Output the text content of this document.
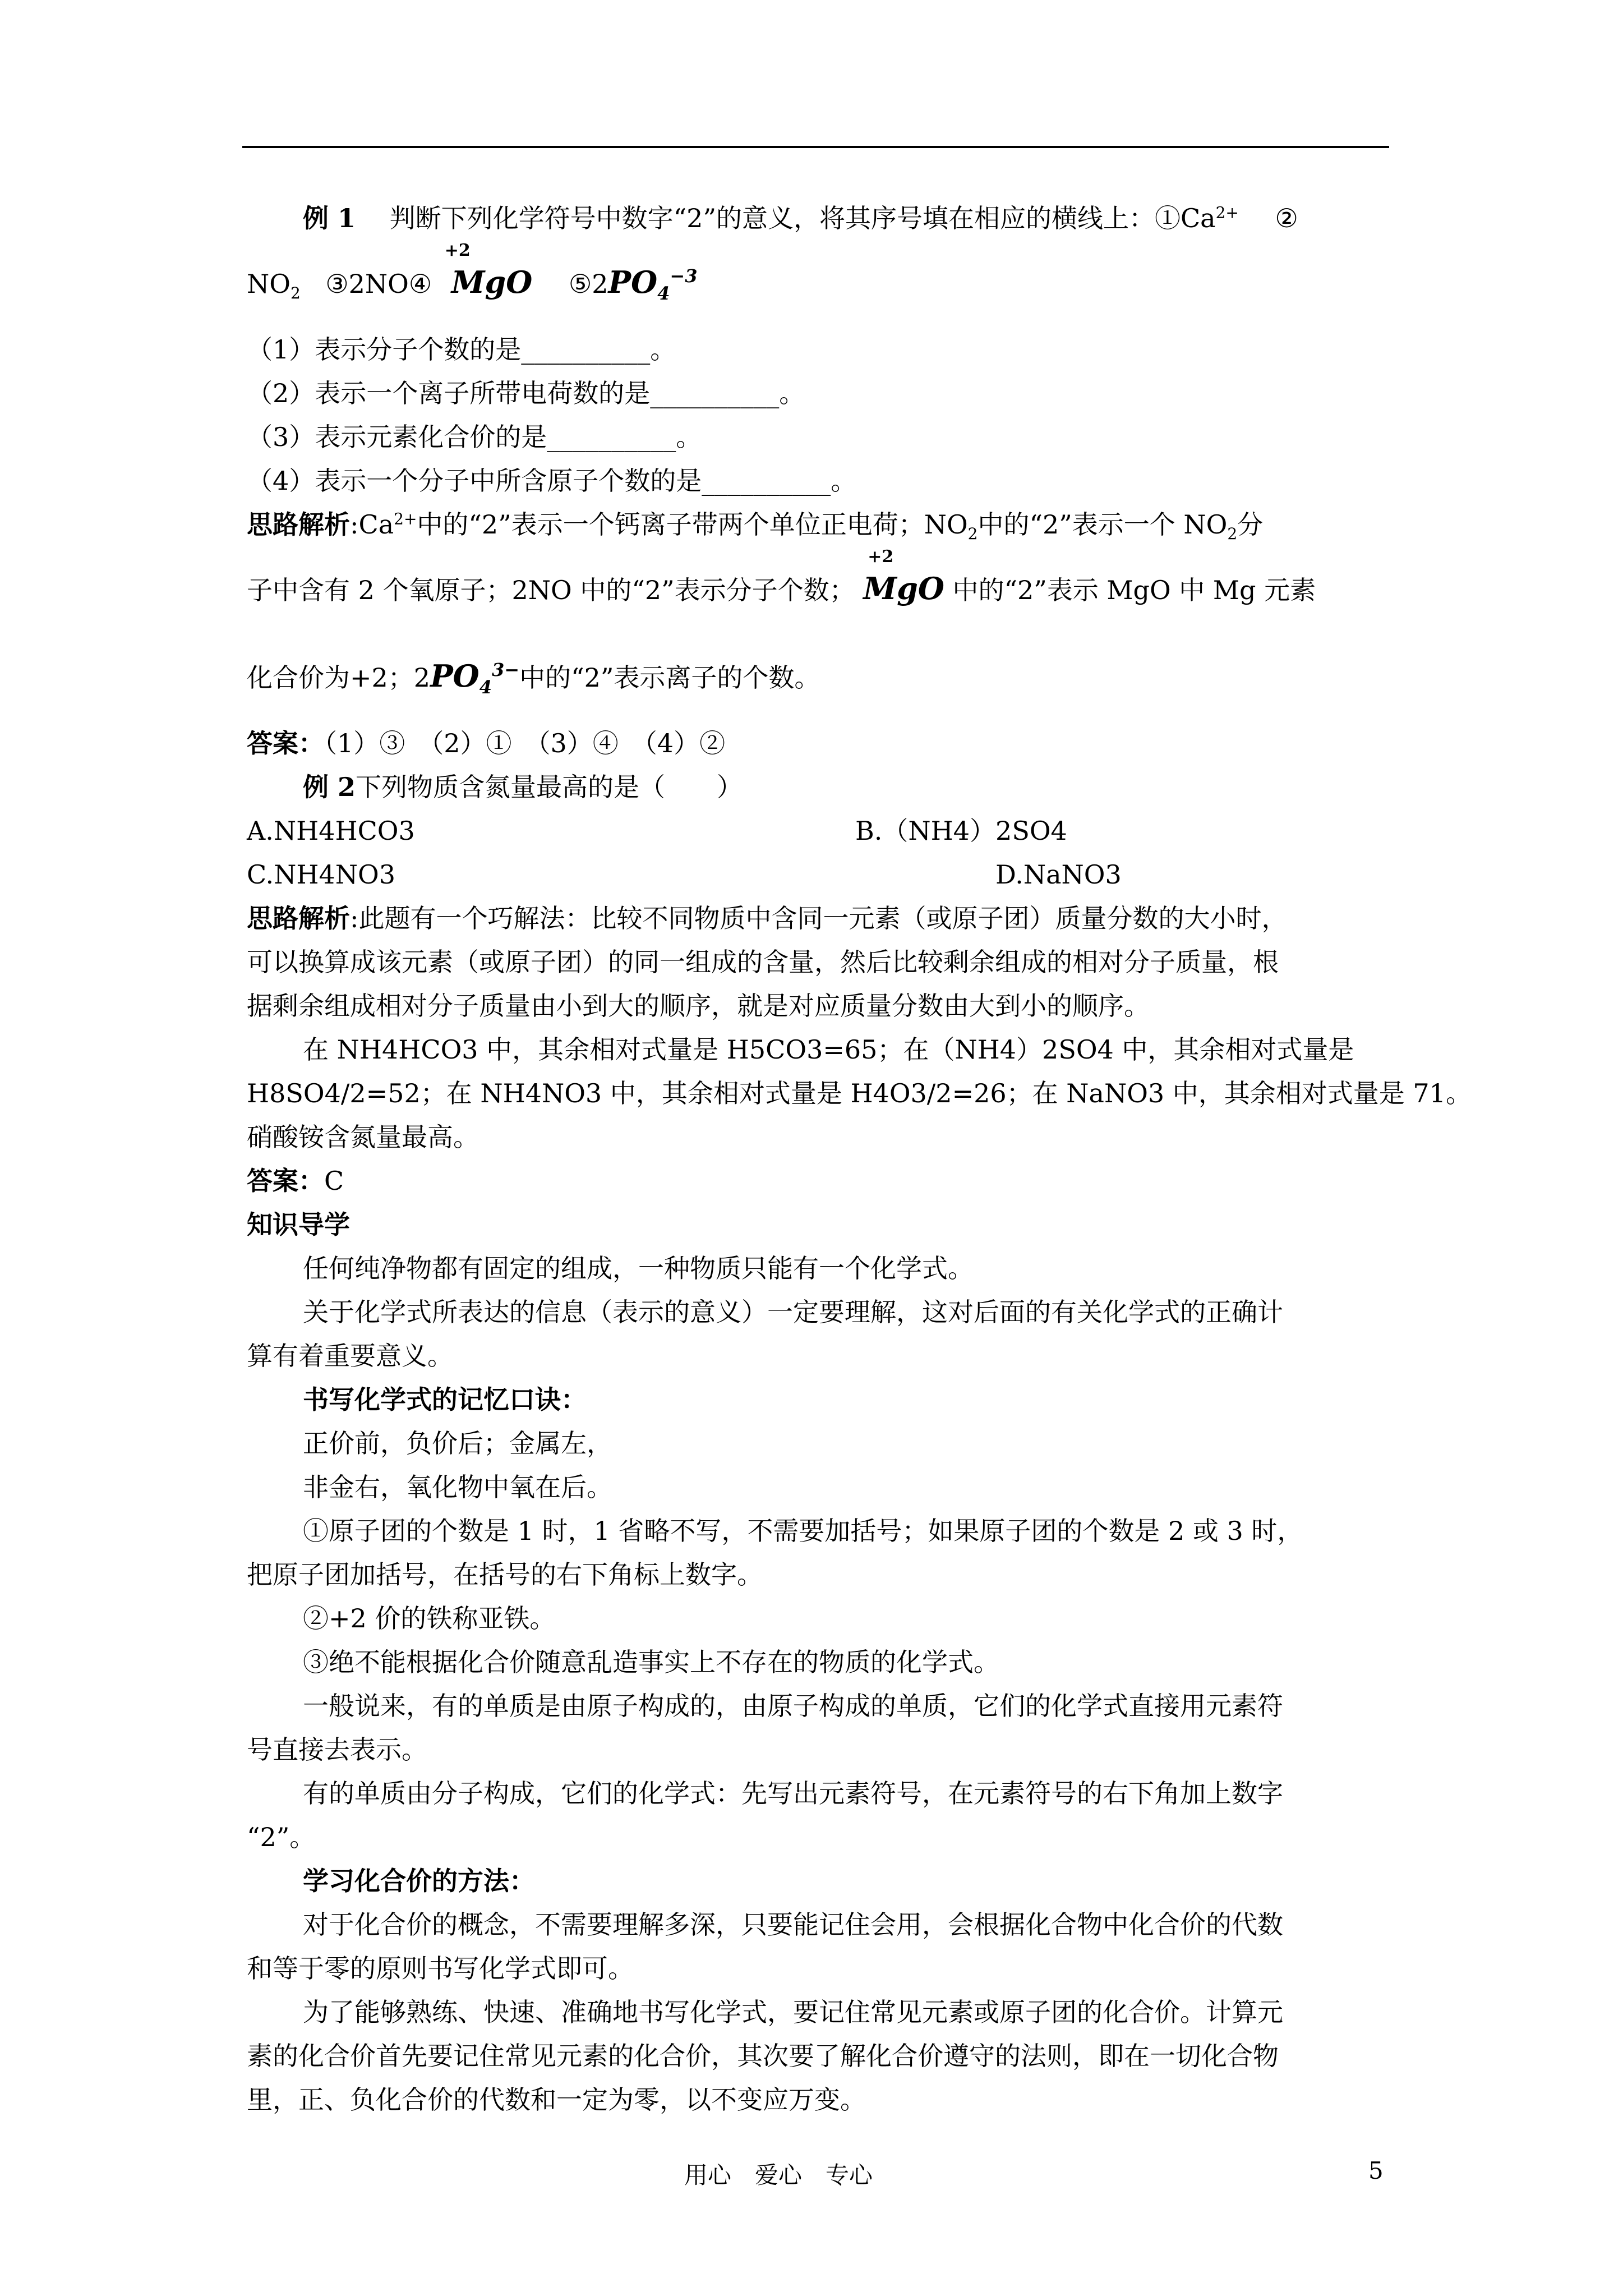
例 1　 判断下列化学符号中数字“2”的意义，将其序号填在相应的横线上：$①Ca^{2+}$ ②
$NO_2$ ③2NO④
+2
MgO $⑤2PO_4^{-3}$
（1）表示分子个数的是__________。
（2）表示一个离子所带电荷数的是__________。
（3）表示元素化合价的是__________。
（4）表示一个分子中所含原子个数的是__________。
思路解析$:Ca^{2+}$中的“2”表示一个钙离子带两个单位正电荷；$NO_2$中的“2”表示一个 $NO_2$分
子中含有 2 个氧原子；2NO 中的“2”表示分子个数；
+2
MgO 中的“2”表示 MgO 中 Mg 元素
化合价为+2；$2PO_4^{3-}$中的“2”表示离子的个数。
答案：（1）③　（2）①　（3）④　（4）②
例 2下列物质含氮量最高的是（　　）
A.NH4HCO3	B.（NH4）2SO4
C.NH4NO3	D.NaNO3
思路解析:此题有一个巧解法：比较不同物质中含同一元素（或原子团）质量分数的大小时，
可以换算成该元素（或原子团）的同一组成的含量，然后比较剩余组成的相对分子质量，根
据剩余组成相对分子质量由小到大的顺序，就是对应质量分数由大到小的顺序。
在 NH4HCO3 中，其余相对式量是 H5CO3=65；在（NH4）2SO4 中，其余相对式量是
H8SO4/2=52；在 NH4NO3 中，其余相对式量是 H4O3/2=26；在 NaNO3 中，其余相对式量是 71。
硝酸铵含氮量最高。
答案：C
知识导学
任何纯净物都有固定的组成，一种物质只能有一个化学式。
关于化学式所表达的信息（表示的意义）一定要理解，这对后面的有关化学式的正确计
算有着重要意义。
书写化学式的记忆口诀：
正价前，负价后；金属左，
非金右，氧化物中氧在后。
①原子团的个数是 1 时，1 省略不写，不需要加括号；如果原子团的个数是 2 或 3 时，
把原子团加括号，在括号的右下角标上数字。
②+2 价的铁称亚铁。
③绝不能根据化合价随意乱造事实上不存在的物质的化学式。
一般说来，有的单质是由原子构成的，由原子构成的单质，它们的化学式直接用元素符
号直接去表示。
有的单质由分子构成，它们的化学式：先写出元素符号，在元素符号的右下角加上数字
“2”。
学习化合价的方法：
对于化合价的概念，不需要理解多深，只要能记住会用，会根据化合物中化合价的代数
和等于零的原则书写化学式即可。
为了能够熟练、快速、准确地书写化学式，要记住常见元素或原子团的化合价。计算元
素的化合价首先要记住常见元素的化合价，其次要了解化合价遵守的法则，即在一切化合物
里，正、负化合价的代数和一定为零，以不变应万变。
用心　爱心　专心	5
